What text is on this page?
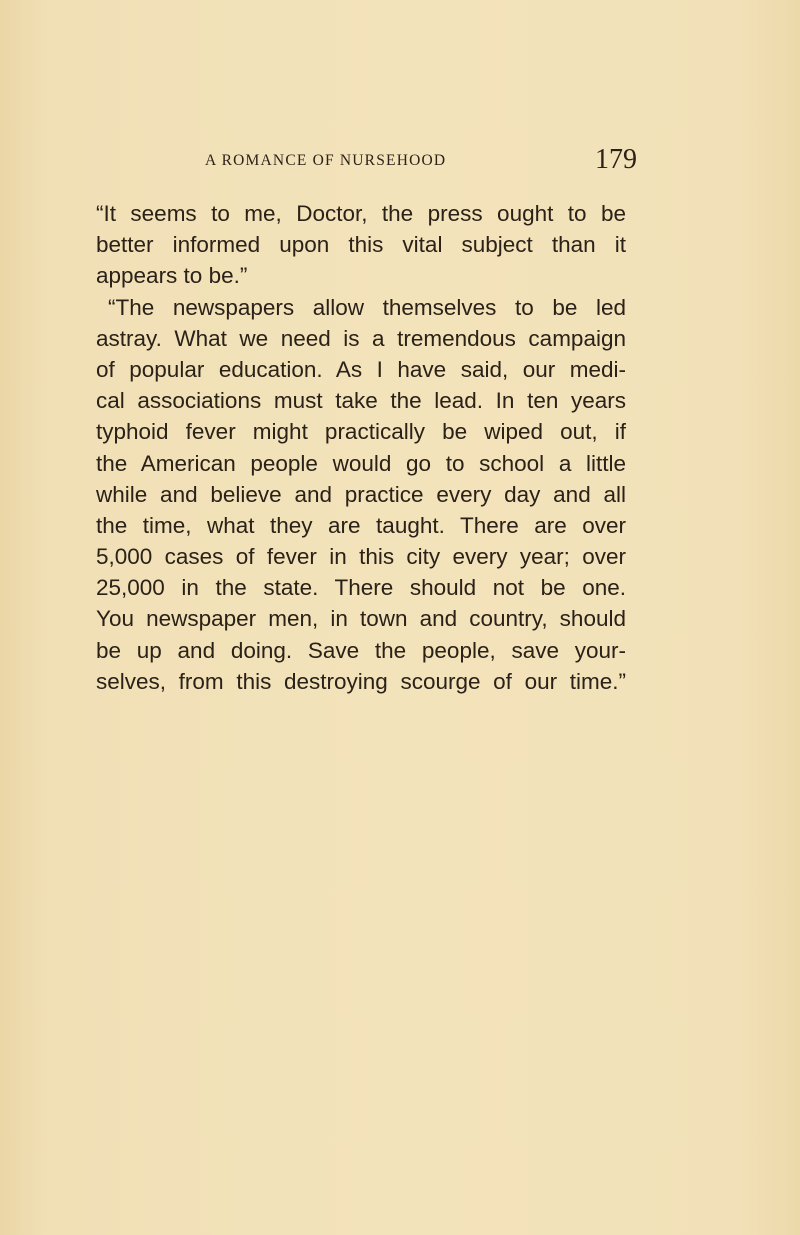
A ROMANCE OF NURSEHOOD	179
“It seems to me, Doctor, the press ought to be
better informed upon this vital subject than it
appears to be.”
“The newspapers allow themselves to be led
astray. What we need is a tremendous campaign
of popular education. As I have said, our medi-
cal associations must take the lead. In ten years
typhoid fever might practically be wiped out, if
the American people would go to school a little
while and believe and practice every day and all
the time, what they are taught. There are over
5,000 cases of fever in this city every year; over
25,000 in the state. There should not be one.
You newspaper men, in town and country, should
be up and doing. Save the people, save your-
selves, from this destroying scourge of our time.”
